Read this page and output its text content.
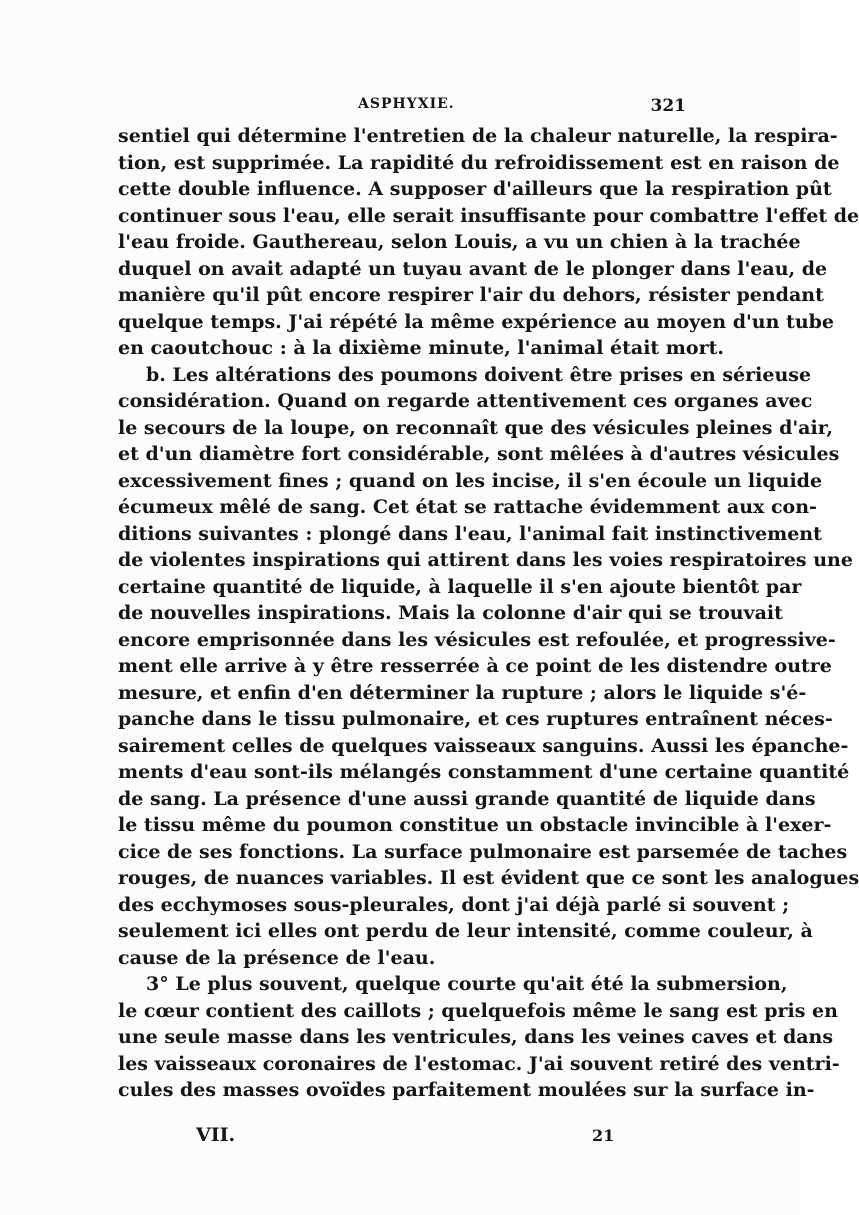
ASPHYXIE.	321
sentiel qui détermine l'entretien de la chaleur naturelle, la respira-
tion, est supprimée. La rapidité du refroidissement est en raison de
cette double influence. A supposer d'ailleurs que la respiration pût
continuer sous l'eau, elle serait insuffisante pour combattre l'effet de
l'eau froide. Gauthereau, selon Louis, a vu un chien à la trachée
duquel on avait adapté un tuyau avant de le plonger dans l'eau, de
manière qu'il pût encore respirer l'air du dehors, résister pendant
quelque temps. J'ai répété la même expérience au moyen d'un tube
en caoutchouc : à la dixième minute, l'animal était mort.
b. Les altérations des poumons doivent être prises en sérieuse
considération. Quand on regarde attentivement ces organes avec
le secours de la loupe, on reconnaît que des vésicules pleines d'air,
et d'un diamètre fort considérable, sont mêlées à d'autres vésicules
excessivement fines ; quand on les incise, il s'en écoule un liquide
écumeux mêlé de sang. Cet état se rattache évidemment aux con-
ditions suivantes : plongé dans l'eau, l'animal fait instinctivement
de violentes inspirations qui attirent dans les voies respiratoires une
certaine quantité de liquide, à laquelle il s'en ajoute bientôt par
de nouvelles inspirations. Mais la colonne d'air qui se trouvait
encore emprisonnée dans les vésicules est refoulée, et progressive-
ment elle arrive à y être resserrée à ce point de les distendre outre
mesure, et enfin d'en déterminer la rupture ; alors le liquide s'é-
panche dans le tissu pulmonaire, et ces ruptures entraînent néces-
sairement celles de quelques vaisseaux sanguins. Aussi les épanche-
ments d'eau sont-ils mélangés constamment d'une certaine quantité
de sang. La présence d'une aussi grande quantité de liquide dans
le tissu même du poumon constitue un obstacle invincible à l'exer-
cice de ses fonctions. La surface pulmonaire est parsemée de taches
rouges, de nuances variables. Il est évident que ce sont les analogues
des ecchymoses sous-pleurales, dont j'ai déjà parlé si souvent ;
seulement ici elles ont perdu de leur intensité, comme couleur, à
cause de la présence de l'eau.
3° Le plus souvent, quelque courte qu'ait été la submersion,
le cœur contient des caillots ; quelquefois même le sang est pris en
une seule masse dans les ventricules, dans les veines caves et dans
les vaisseaux coronaires de l'estomac. J'ai souvent retiré des ventri-
cules des masses ovoïdes parfaitement moulées sur la surface in-
VII.	21
